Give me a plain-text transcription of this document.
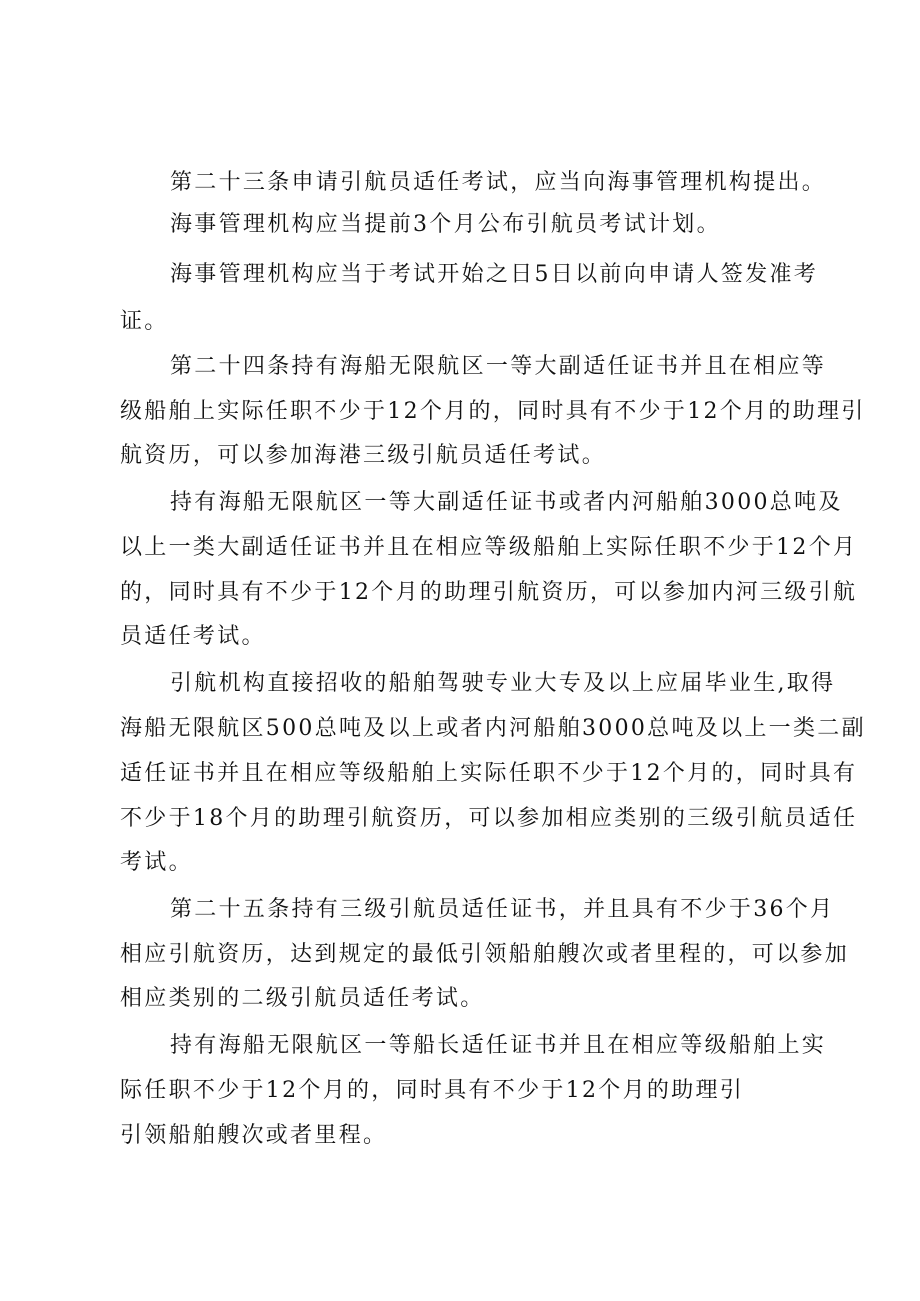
第二十三条申请引航员适任考试，应当向海事管理机构提出。
海事管理机构应当提前3个月公布引航员考试计划。
海事管理机构应当于考试开始之日5日以前向申请人签发准考
证。
第二十四条持有海船无限航区一等大副适任证书并且在相应等
级船舶上实际任职不少于12个月的，同时具有不少于12个月的助理引
航资历，可以参加海港三级引航员适任考试。
持有海船无限航区一等大副适任证书或者内河船舶3000总吨及
以上一类大副适任证书并且在相应等级船舶上实际任职不少于12个月
的，同时具有不少于12个月的助理引航资历，可以参加内河三级引航
员适任考试。
引航机构直接招收的船舶驾驶专业大专及以上应届毕业生,取得
海船无限航区500总吨及以上或者内河船舶3000总吨及以上一类二副
适任证书并且在相应等级船舶上实际任职不少于12个月的，同时具有
不少于18个月的助理引航资历，可以参加相应类别的三级引航员适任
考试。
第二十五条持有三级引航员适任证书，并且具有不少于36个月
相应引航资历，达到规定的最低引领船舶艘次或者里程的，可以参加
相应类别的二级引航员适任考试。
持有海船无限航区一等船长适任证书并且在相应等级船舶上实
际任职不少于12个月的，同时具有不少于12个月的助理引
引领船舶艘次或者里程。
